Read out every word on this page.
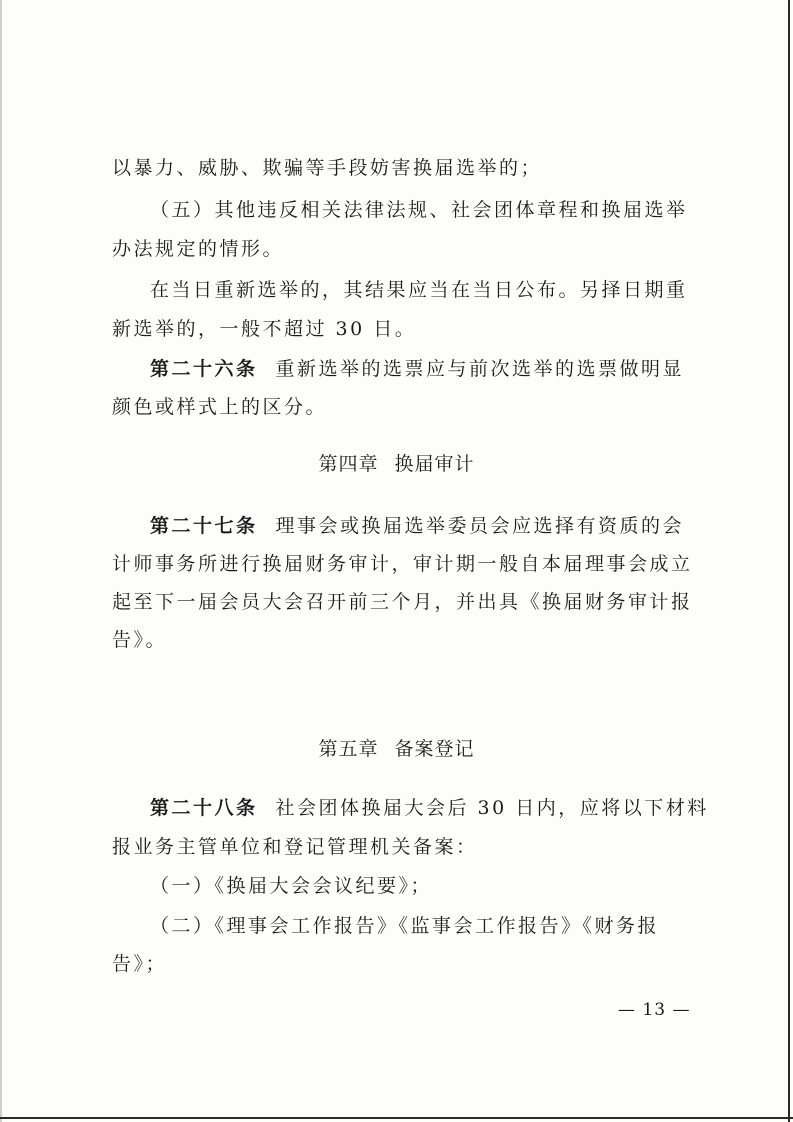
以暴力、威胁、欺骗等手段妨害换届选举的；
（五）其他违反相关法律法规、社会团体章程和换届选举
办法规定的情形。
在当日重新选举的，其结果应当在当日公布。另择日期重
新选举的，一般不超过 30 日。
第二十六条 重新选举的选票应与前次选举的选票做明显
颜色或样式上的区分。
第四章 换届审计
第二十七条 理事会或换届选举委员会应选择有资质的会
计师事务所进行换届财务审计，审计期一般自本届理事会成立
起至下一届会员大会召开前三个月，并出具《换届财务审计报
告》。
第五章 备案登记
第二十八条 社会团体换届大会后 30 日内，应将以下材料
报业务主管单位和登记管理机关备案：
（一）《换届大会会议纪要》；
（二）《理事会工作报告》《监事会工作报告》《财务报
告》；
— 13 —
